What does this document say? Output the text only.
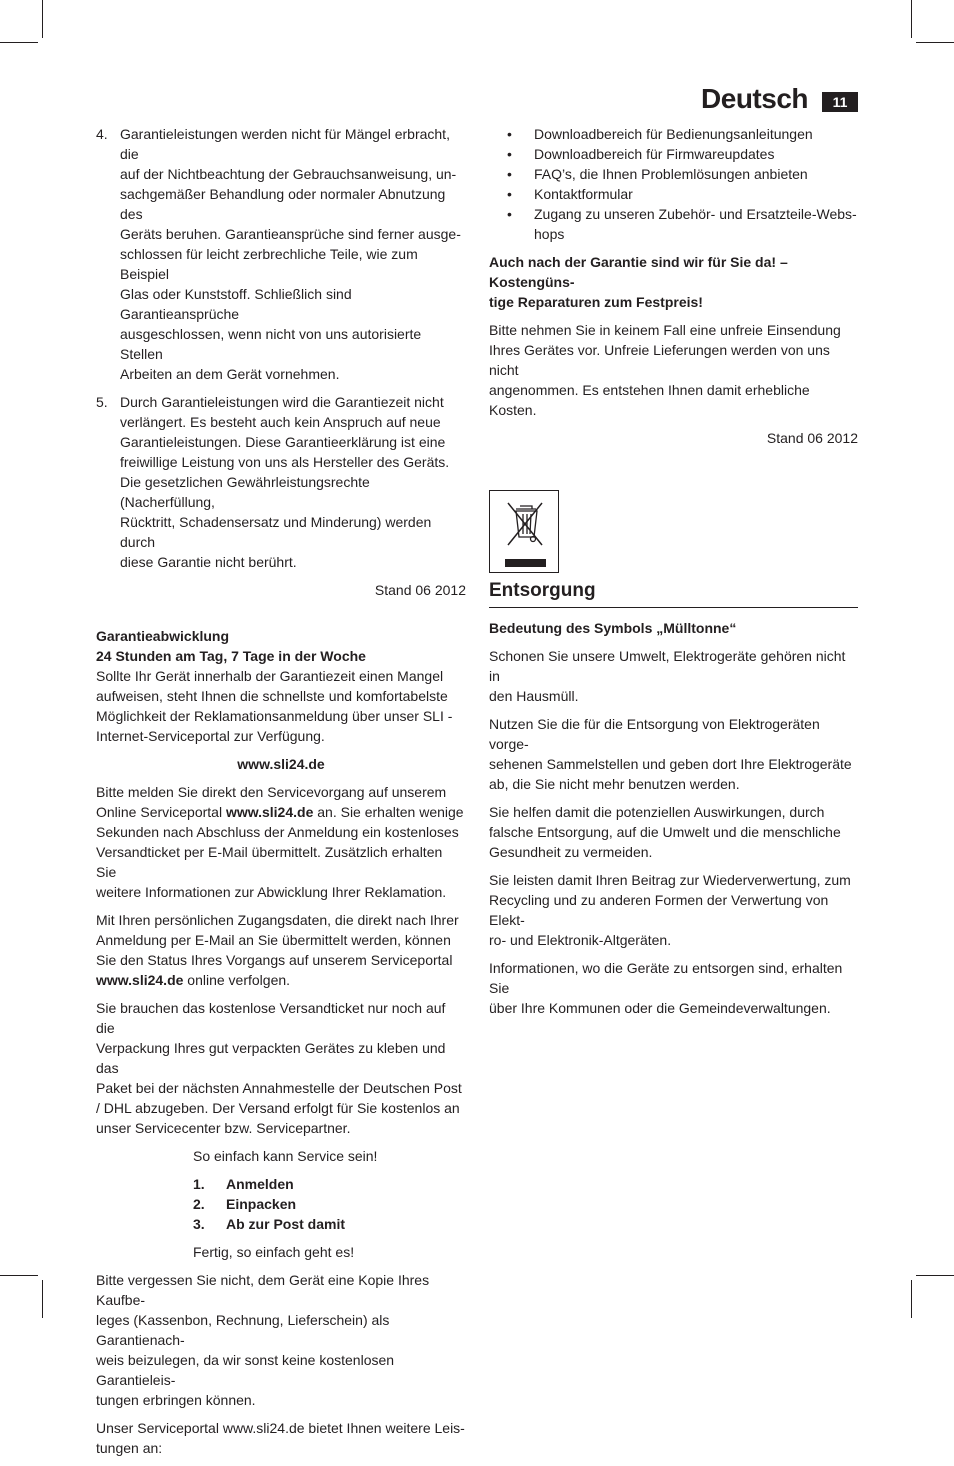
Deutsch	11
4. Garantieleistungen werden nicht für Mängel erbracht, die
auf der Nichtbeachtung der Gebrauchsanweisung, un-
sachgemäßer Behandlung oder normaler Abnutzung des
Geräts beruhen. Garantieansprüche sind ferner ausge-
schlossen für leicht zerbrechliche Teile, wie zum Beispiel
Glas oder Kunststoff. Schließlich sind Garantieansprüche
ausgeschlossen, wenn nicht von uns autorisierte Stellen
Arbeiten an dem Gerät vornehmen.
5. Durch Garantieleistungen wird die Garantiezeit nicht
verlängert. Es besteht auch kein Anspruch auf neue
Garantieleistungen. Diese Garantieerklärung ist eine
freiwillige Leistung von uns als Hersteller des Geräts.
Die gesetzlichen Gewährleistungsrechte (Nacherfüllung,
Rücktritt, Schadensersatz und Minderung) werden durch
diese Garantie nicht berührt.

Stand 06 2012

Garantieabwicklung
24 Stunden am Tag, 7 Tage in der Woche

Sollte Ihr Gerät innerhalb der Garantiezeit einen Mangel
aufweisen, steht Ihnen die schnellste und komfortabelste
Möglichkeit der Reklamationsanmeldung über unser SLI -
Internet-Serviceportal zur Verfügung.

www.sli24.de

Bitte melden Sie direkt den Servicevorgang auf unserem
Online Serviceportal www.sli24.de an. Sie erhalten wenige
Sekunden nach Abschluss der Anmeldung ein kostenloses
Versandticket per E-Mail übermittelt. Zusätzlich erhalten Sie
weitere Informationen zur Abwicklung Ihrer Reklamation.

Mit Ihren persönlichen Zugangsdaten, die direkt nach Ihrer
Anmeldung per E-Mail an Sie übermittelt werden, können
Sie den Status Ihres Vorgangs auf unserem Serviceportal
www.sli24.de online verfolgen.

Sie brauchen das kostenlose Versandticket nur noch auf die
Verpackung Ihres gut verpackten Gerätes zu kleben und das
Paket bei der nächsten Annahmestelle der Deutschen Post
/ DHL abzugeben. Der Versand erfolgt für Sie kostenlos an
unser Servicecenter bzw. Servicepartner.

So einfach kann Service sein!

1. Anmelden
2. Einpacken
3. Ab zur Post damit

Fertig, so einfach geht es!

Bitte vergessen Sie nicht, dem Gerät eine Kopie Ihres Kaufbe-
leges (Kassenbon, Rechnung, Lieferschein) als Garantienach-
weis beizulegen, da wir sonst keine kostenlosen Garantieleis-
tungen erbringen können.

Unser Serviceportal www.sli24.de bietet Ihnen weitere Leis-
tungen an:

• Downloadbereich für Bedienungsanleitungen
• Downloadbereich für Firmwareupdates
• FAQ’s, die Ihnen Problemlösungen anbieten
• Kontaktformular
• Zugang zu unseren Zubehör- und Ersatzteile-Webs-
hops

Auch nach der Garantie sind wir für Sie da! – Kostengüns-
tige Reparaturen zum Festpreis!

Bitte nehmen Sie in keinem Fall eine unfreie Einsendung
Ihres Gerätes vor. Unfreie Lieferungen werden von uns nicht
angenommen. Es entstehen Ihnen damit erhebliche Kosten.

Stand 06 2012

Entsorgung

Bedeutung des Symbols „Mülltonne“

Schonen Sie unsere Umwelt, Elektrogeräte gehören nicht in
den Hausmüll.

Nutzen Sie die für die Entsorgung von Elektrogeräten vorge-
sehenen Sammelstellen und geben dort Ihre Elektrogeräte
ab, die Sie nicht mehr benutzen werden.

Sie helfen damit die potenziellen Auswirkungen, durch
falsche Entsorgung, auf die Umwelt und die menschliche
Gesundheit zu vermeiden.

Sie leisten damit Ihren Beitrag zur Wiederverwertung, zum
Recycling und zu anderen Formen der Verwertung von Elekt-
ro- und Elektronik-Altgeräten.

Informationen, wo die Geräte zu entsorgen sind, erhalten Sie
über Ihre Kommunen oder die Gemeindeverwaltungen.
